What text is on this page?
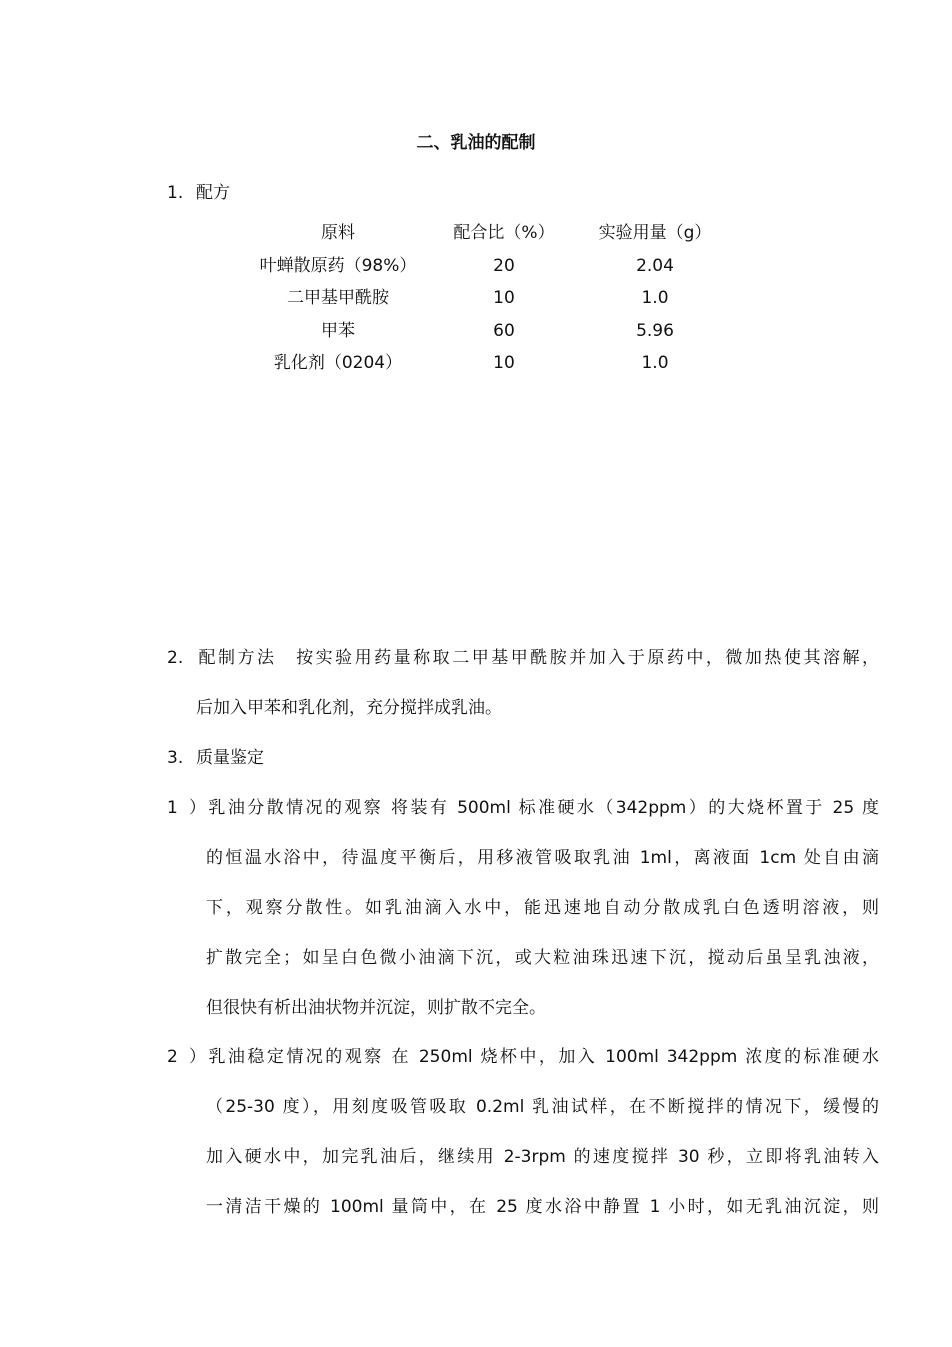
二、乳油的配制
1. 配方
原料	配合比（%）	实验用量（g）
叶蝉散原药（98%）	20	2.04
二甲基甲酰胺	10	1.0
甲苯	60	5.96
乳化剂（0204）	10	1.0
2. 配制方法　按实验用药量称取二甲基甲酰胺并加入于原药中，微加热使其溶解，
后加入甲苯和乳化剂，充分搅拌成乳油。
3. 质量鉴定
1）乳油分散情况的观察 将装有 500ml 标准硬水（342ppm）的大烧杯置于 25 度
的恒温水浴中，待温度平衡后，用移液管吸取乳油 1ml，离液面 1cm 处自由滴
下，观察分散性。如乳油滴入水中，能迅速地自动分散成乳白色透明溶液，则
扩散完全；如呈白色微小油滴下沉，或大粒油珠迅速下沉，搅动后虽呈乳浊液，
但很快有析出油状物并沉淀，则扩散不完全。
2）乳油稳定情况的观察 在 250ml 烧杯中，加入 100ml 342ppm 浓度的标准硬水
（25-30 度），用刻度吸管吸取 0.2ml 乳油试样，在不断搅拌的情况下，缓慢的
加入硬水中，加完乳油后，继续用 2-3rpm 的速度搅拌 30 秒，立即将乳油转入
一清洁干燥的 100ml 量筒中，在 25 度水浴中静置 1 小时，如无乳油沉淀，则
